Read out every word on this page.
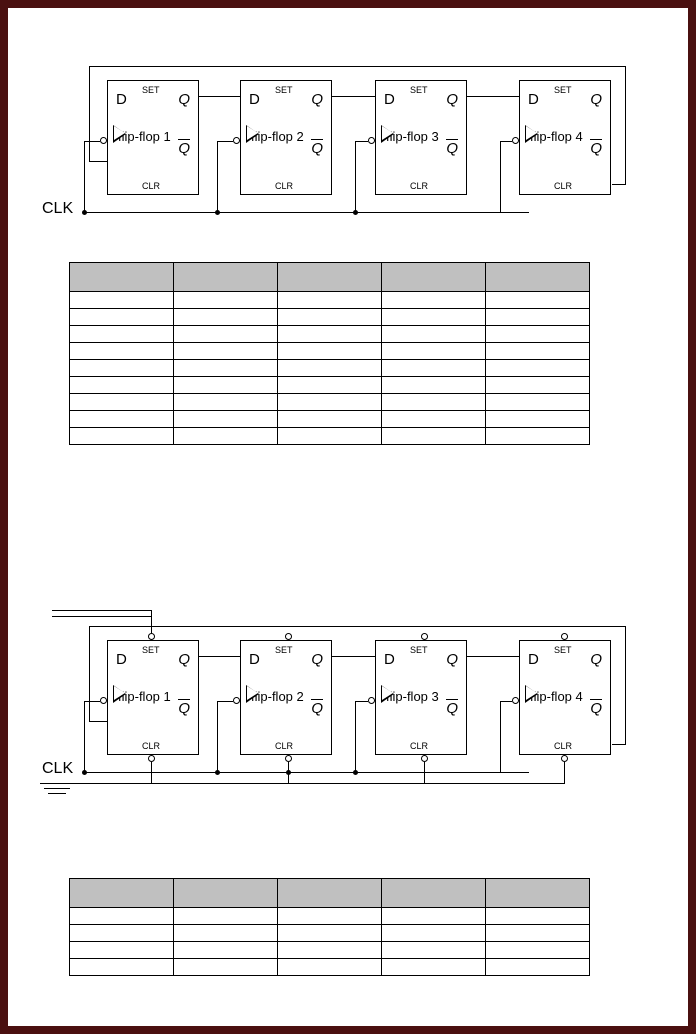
D
SET
Q
flip-flop 1
Q
CLR
D
SET
Q
flip-flop 2
Q
CLR
D
SET
Q
flip-flop 3
Q
CLR
D
SET
Q
flip-flop 4
Q
CLR
CLK

D
SET
Q
flip-flop 1
Q
CLR
D
SET
Q
flip-flop 2
Q
CLR
D
SET
Q
flip-flop 3
Q
CLR
D
SET
Q
flip-flop 4
Q
CLR
CLK
